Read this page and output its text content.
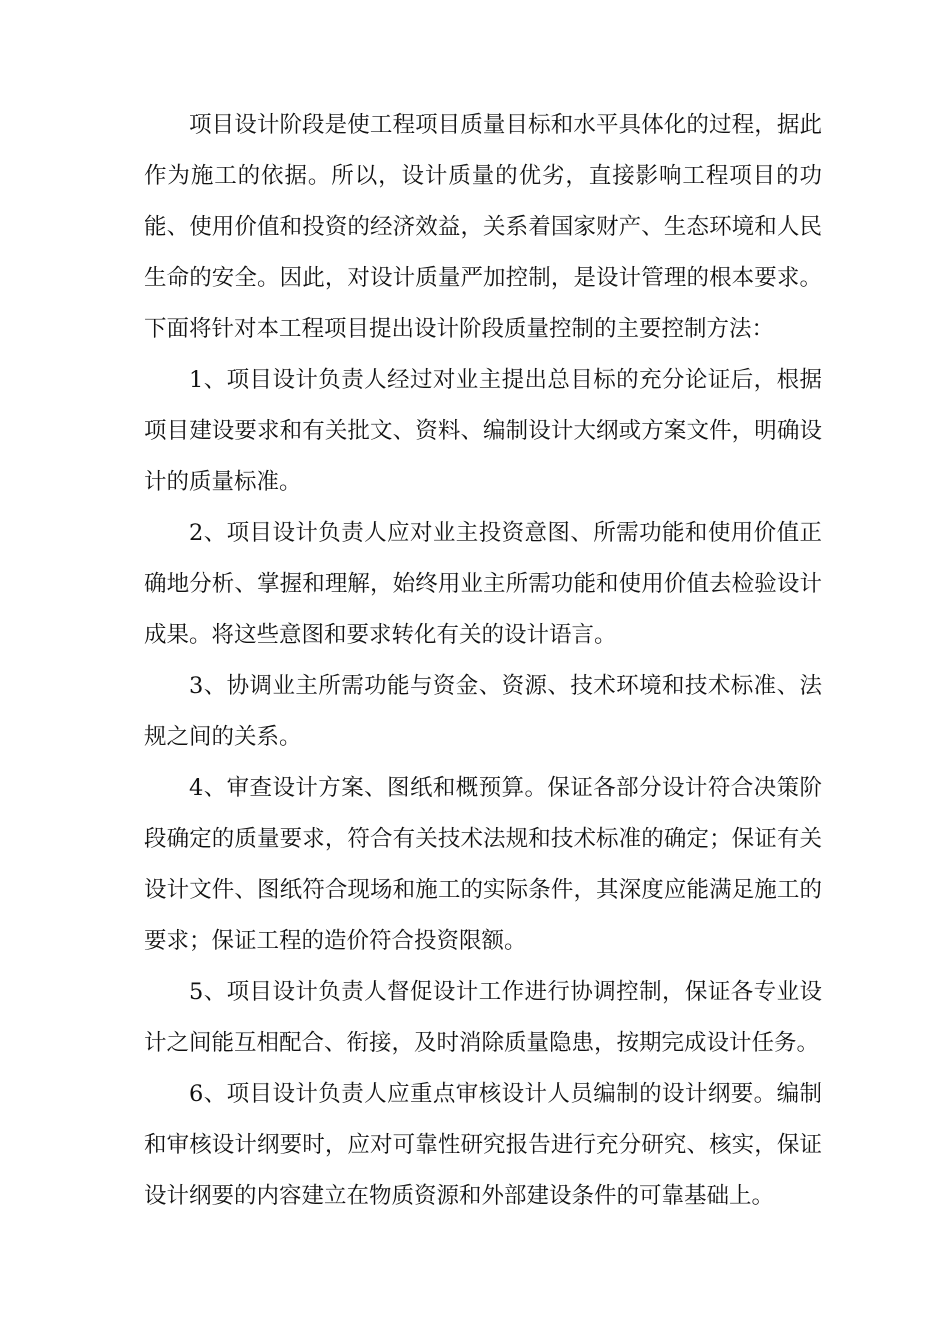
项目设计阶段是使工程项目质量目标和水平具体化的过程，据此作为施工的依据。所以，设计质量的优劣，直接影响工程项目的功能、使用价值和投资的经济效益，关系着国家财产、生态环境和人民生命的安全。因此，对设计质量严加控制，是设计管理的根本要求。下面将针对本工程项目提出设计阶段质量控制的主要控制方法：

1、项目设计负责人经过对业主提出总目标的充分论证后，根据项目建设要求和有关批文、资料、编制设计大纲或方案文件，明确设计的质量标准。

2、项目设计负责人应对业主投资意图、所需功能和使用价值正确地分析、掌握和理解，始终用业主所需功能和使用价值去检验设计成果。将这些意图和要求转化有关的设计语言。

3、协调业主所需功能与资金、资源、技术环境和技术标准、法规之间的关系。

4、审查设计方案、图纸和概预算。保证各部分设计符合决策阶段确定的质量要求，符合有关技术法规和技术标准的确定；保证有关设计文件、图纸符合现场和施工的实际条件，其深度应能满足施工的要求；保证工程的造价符合投资限额。

5、项目设计负责人督促设计工作进行协调控制，保证各专业设计之间能互相配合、衔接，及时消除质量隐患，按期完成设计任务。

6、项目设计负责人应重点审核设计人员编制的设计纲要。编制和审核设计纲要时，应对可靠性研究报告进行充分研究、核实，保证设计纲要的内容建立在物质资源和外部建设条件的可靠基础上。
